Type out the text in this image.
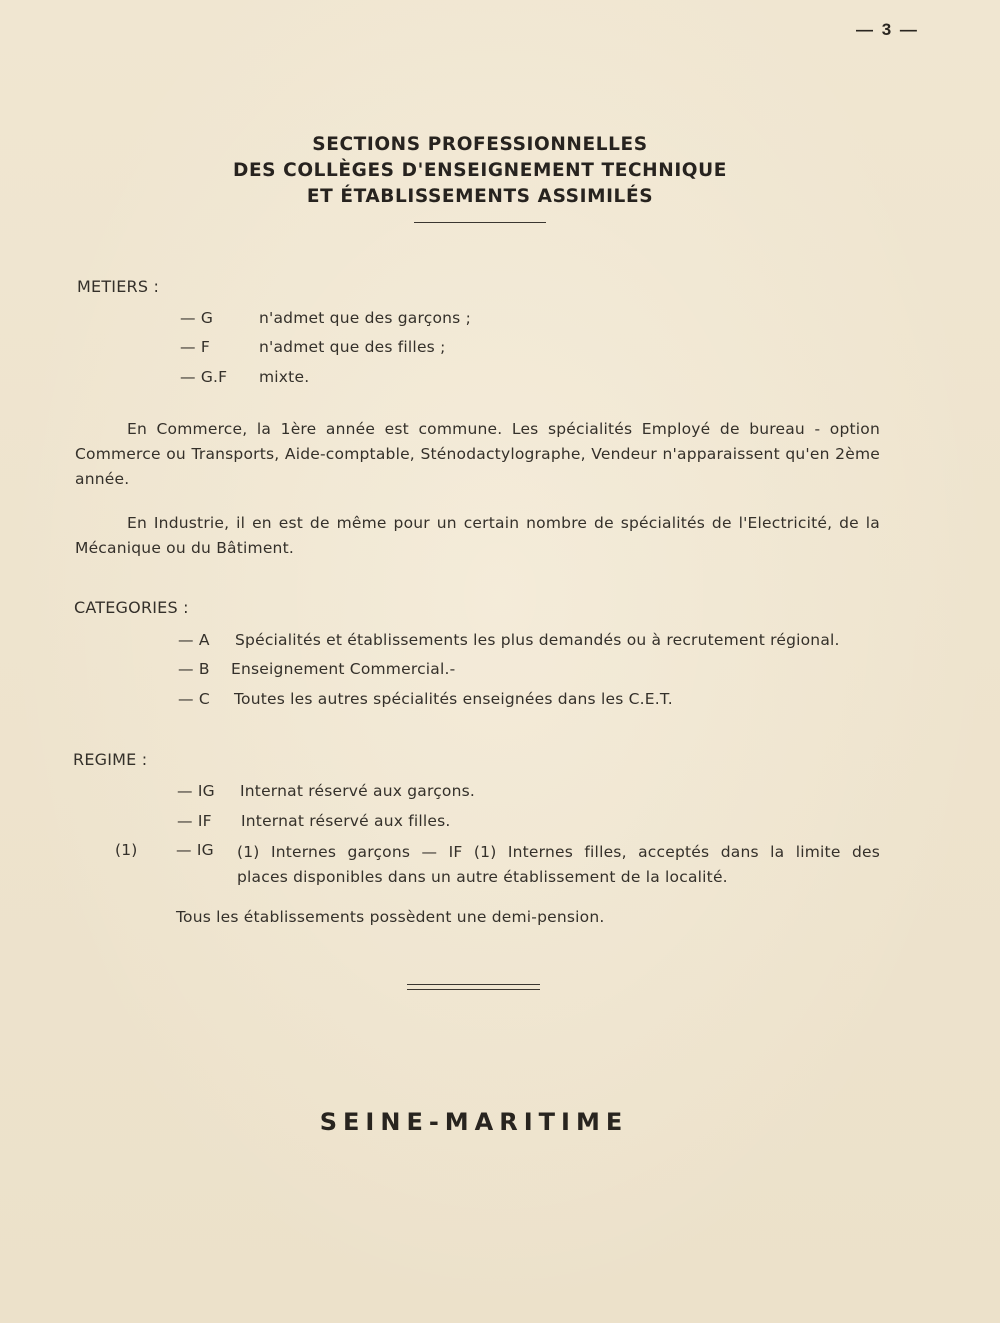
— 3 —
SECTIONS PROFESSIONNELLES
DES COLLÈGES D'ENSEIGNEMENT TECHNIQUE
ET ÉTABLISSEMENTS ASSIMILÉS
METIERS :
— G	n'admet que des garçons ;
— F	n'admet que des filles ;
— G.F mixte.
En Commerce, la 1ère année est commune. Les spécialités Employé de bureau - option Commerce ou Transports, Aide-comptable, Sténodactylographe, Vendeur n'apparaissent qu'en 2ème année.
En Industrie, il en est de même pour un certain nombre de spécialités de l'Electricité, de la Mécanique ou du Bâtiment.
CATEGORIES :
— A Spécialités et établissements les plus demandés ou à recrutement régional.
— B Enseignement Commercial.-
— C Toutes les autres spécialités enseignées dans les C.E.T.
REGIME :
— IG Internat réservé aux garçons.
— IF Internat réservé aux filles.
(1) — IG (1) Internes garçons — IF (1) Internes filles, acceptés dans la limite des
places disponibles dans un autre établissement de la localité.
Tous les établissements possèdent une demi-pension.
SEINE-MARITIME
